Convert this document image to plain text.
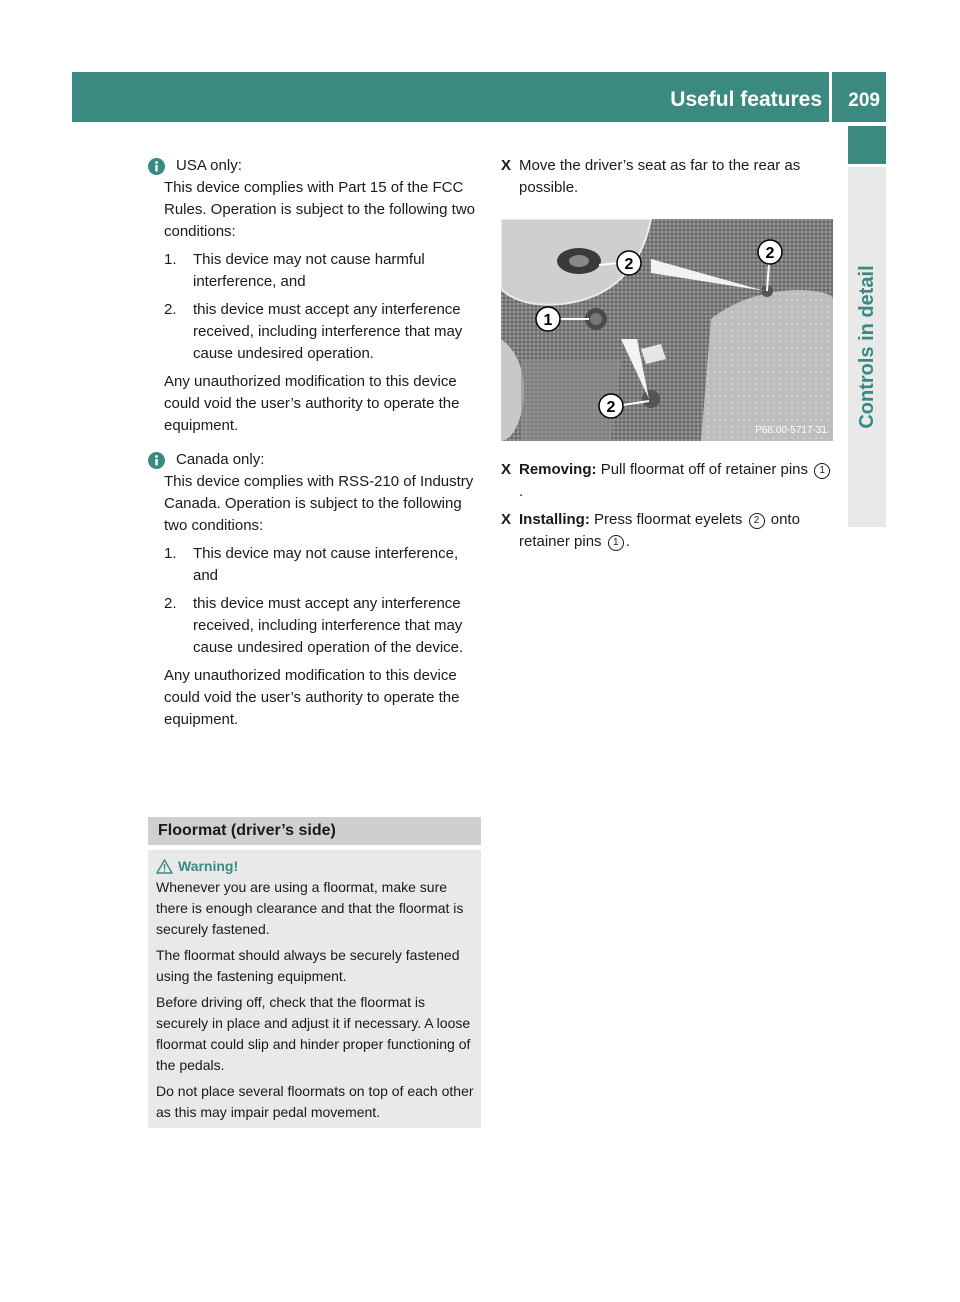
Useful features 209
Controls in detail
USA only:

This device complies with Part 15 of the FCC Rules. Operation is subject to the following two conditions:

1. This device may not cause harmful interference, and
2. this device must accept any interference received, including interference that may cause undesired operation.

Any unauthorized modification to this device could void the user’s authority to operate the equipment.

Canada only:

This device complies with RSS-210 of Industry Canada. Operation is subject to the following two conditions:

1. This device may not cause interference, and
2. this device must accept any interference received, including interference that may cause undesired operation of the device.

Any unauthorized modification to this device could void the user’s authority to operate the equipment.

Floormat (driver’s side)
Warning!

Whenever you are using a floormat, make sure there is enough clearance and that the floormat is securely fastened.

The floormat should always be securely fastened using the fastening equipment.

Before driving off, check that the floormat is securely in place and adjust it if necessary. A loose floormat could slip and hinder proper functioning of the pedals.

Do not place several floormats on top of each other as this may impair pedal movement.

X Move the driver’s seat as far to the rear as possible.
2
2
1
2
P68.00-5717-31
X Removing: Pull floormat off of retainer pins 1.
X Installing: Press floormat eyelets 2 onto retainer pins 1 .
